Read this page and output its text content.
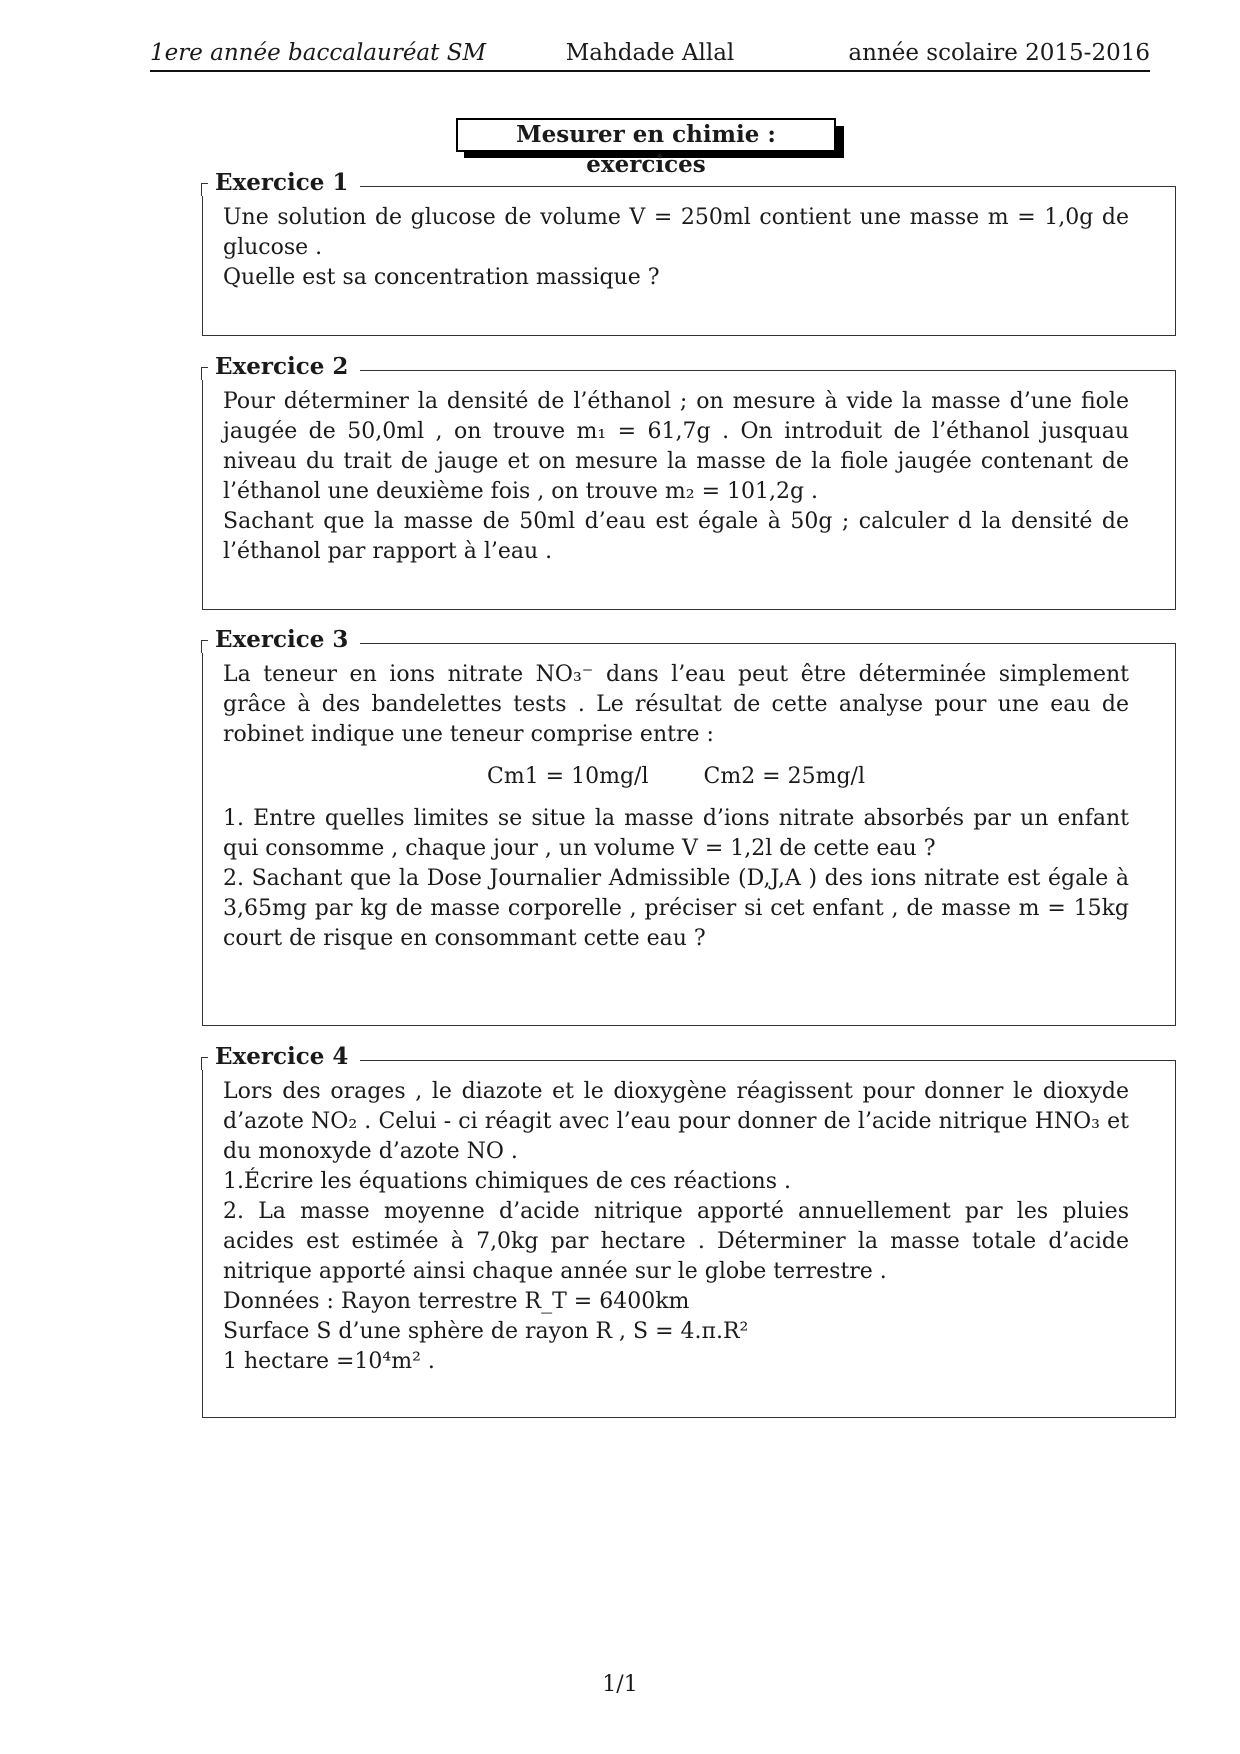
1ere année baccalauréat SM	Mahdade Allal	année scolaire 2015-2016
Mesurer en chimie : exercices
Exercice 1

Une solution de glucose de volume V = 250ml contient une masse m = 1,0g de glucose .

Quelle est sa concentration massique ?

Exercice 2

Pour déterminer la densité de l’éthanol ; on mesure à vide la masse d’une fiole jaugée de 50,0ml , on trouve m₁ = 61,7g . On introduit de l’éthanol jusquau niveau du trait de jauge et on mesure la masse de la fiole jaugée contenant de l’éthanol une deuxième fois , on trouve m₂ = 101,2g .

Sachant que la masse de 50ml d’eau est égale à 50g ; calculer d la densité de l’éthanol par rapport à l’eau .

Exercice 3

La teneur en ions nitrate NO₃⁻ dans l’eau peut être déterminée simplement grâce à des bandelettes tests . Le résultat de cette analyse pour une eau de robinet indique une teneur comprise entre :

Cm1 = 10mg/l	Cm2 = 25mg/l

1. Entre quelles limites se situe la masse d’ions nitrate absorbés par un enfant qui consomme , chaque jour , un volume V = 1,2l de cette eau ?

2. Sachant que la Dose Journalier Admissible (D,J,A ) des ions nitrate est égale à 3,65mg par kg de masse corporelle , préciser si cet enfant , de masse m = 15kg court de risque en consommant cette eau ?

Exercice 4

Lors des orages , le diazote et le dioxygène réagissent pour donner le dioxyde d’azote NO₂ . Celui - ci réagit avec l’eau pour donner de l’acide nitrique HNO₃ et du monoxyde d’azote NO .

1.Écrire les équations chimiques de ces réactions .

2. La masse moyenne d’acide nitrique apporté annuellement par les pluies acides est estimée à 7,0kg par hectare . Déterminer la masse totale d’acide nitrique apporté ainsi chaque année sur le globe terrestre .

Données : Rayon terrestre R_T = 6400km

Surface S d’une sphère de rayon R , S = 4.π.R²

1 hectare =10⁴m² .

1/1
